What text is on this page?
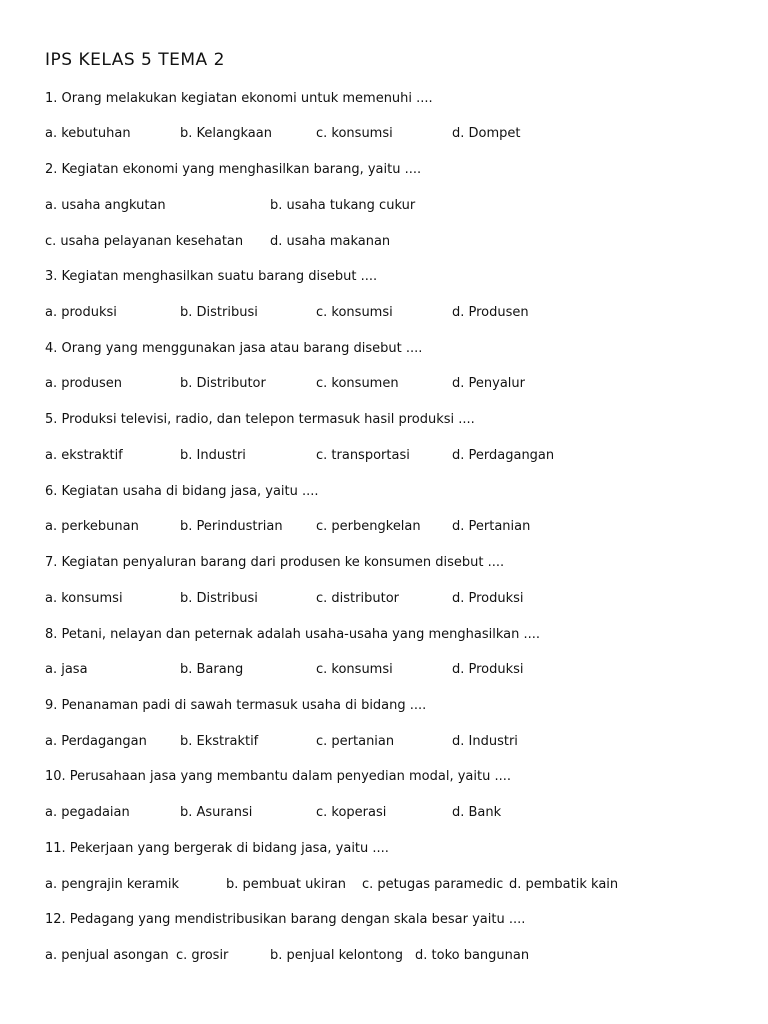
IPS KELAS 5 TEMA 2
1. Orang melakukan kegiatan ekonomi untuk memenuhi ....
a. kebutuhan	b. Kelangkaan	c. konsumsi	d. Dompet
2. Kegiatan ekonomi yang menghasilkan barang, yaitu ....
a. usaha angkutan	b. usaha tukang cukur
c. usaha pelayanan kesehatan d. usaha makanan
3. Kegiatan menghasilkan suatu barang disebut ....
a. produksi	b. Distribusi	c. konsumsi	d. Produsen
4. Orang yang menggunakan jasa atau barang disebut ....
a. produsen	b. Distributor	c. konsumen	d. Penyalur
5. Produksi televisi, radio, dan telepon termasuk hasil produksi ....
a. ekstraktif	b. Industri	c. transportasi	d. Perdagangan
6. Kegiatan usaha di bidang jasa, yaitu ....
a. perkebunan	b. Perindustrian	c. perbengkelan d. Pertanian
7. Kegiatan penyaluran barang dari produsen ke konsumen disebut ....
a. konsumsi	b. Distribusi	c. distributor	d. Produksi
8. Petani, nelayan dan peternak adalah usaha-usaha yang menghasilkan ....
a. jasa	b. Barang	c. konsumsi	d. Produksi
9. Penanaman padi di sawah termasuk usaha di bidang ....
a. Perdagangan	b. Ekstraktif	c. pertanian	d. Industri
10. Perusahaan jasa yang membantu dalam penyedian modal, yaitu ....
a. pegadaian	b. Asuransi	c. koperasi	d. Bank
11. Pekerjaan yang bergerak di bidang jasa, yaitu ....
a. pengrajin keramik	b. pembuat ukiran c. petugas paramedic d. pembatik kain
12. Pedagang yang mendistribusikan barang dengan skala besar yaitu ....
a. penjual asongan c. grosir	b. penjual kelontong d. toko bangunan
